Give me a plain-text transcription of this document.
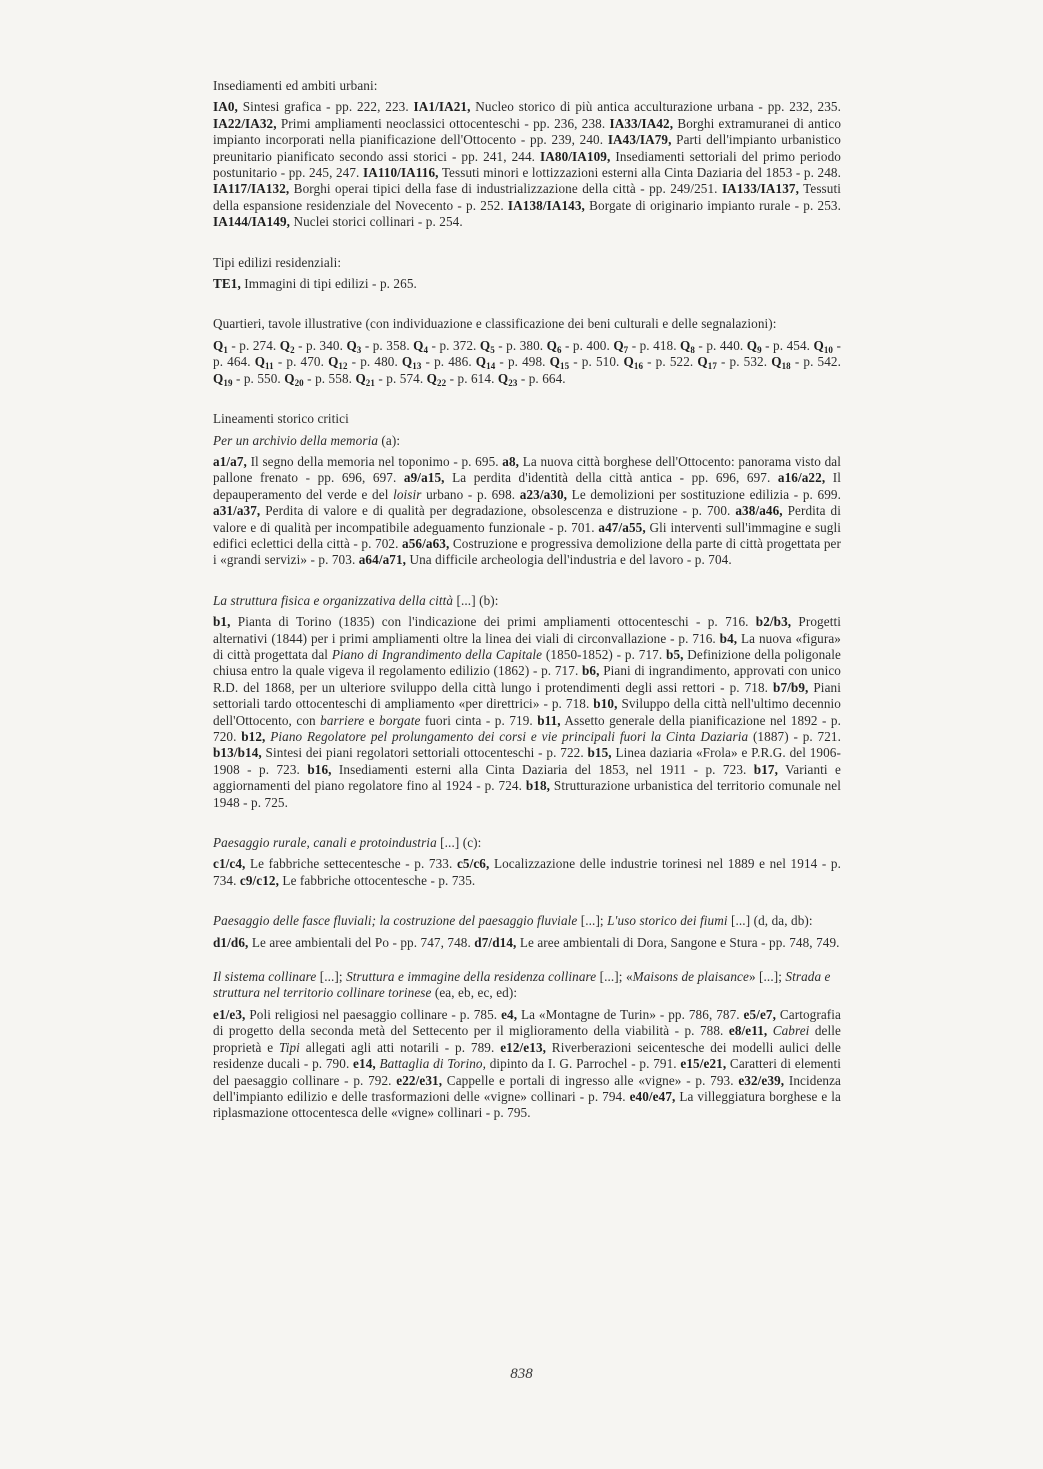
Insediamenti ed ambiti urbani:

IA0, Sintesi grafica - pp. 222, 223. IA1/IA21, Nucleo storico di più antica acculturazione urbana - pp. 232, 235. IA22/IA32, Primi ampliamenti neoclassici ottocenteschi - pp. 236, 238. IA33/IA42, Borghi extramuranei di antico impianto incorporati nella pianificazione dell'Ottocento - pp. 239, 240. IA43/IA79, Parti dell'impianto urbanistico preunitario pianificato secondo assi storici - pp. 241, 244. IA80/IA109, Insediamenti settoriali del primo periodo postunitario - pp. 245, 247. IA110/IA116, Tessuti minori e lottizzazioni esterni alla Cinta Daziaria del 1853 - p. 248. IA117/IA132, Borghi operai tipici della fase di industrializzazione della città - pp. 249/251. IA133/IA137, Tessuti della espansione residenziale del Novecento - p. 252. IA138/IA143, Borgate di originario impianto rurale - p. 253. IA144/IA149, Nuclei storici collinari - p. 254.

Tipi edilizi residenziali:

TE1, Immagini di tipi edilizi - p. 265.

Quartieri, tavole illustrative (con individuazione e classificazione dei beni culturali e delle segnalazioni):

$Q_1$ - p. 274. $Q_2$ - p. 340. $Q_3$ - p. 358. $Q_4$ - p. 372. $Q_5$ - p. 380. $Q_6$ - p. 400. $Q_7$ - p. 418. $Q_8$ - p. 440. $Q_9$ - p. 454. $Q_{10}$ - p. 464. $Q_{11}$ - p. 470. $Q_{12}$ - p. 480. $Q_{13}$ - p. 486. $Q_{14}$ - p. 498. $Q_{15}$ - p. 510. $Q_{16}$ - p. 522. $Q_{17}$ - p. 532. $Q_{18}$ - p. 542. $Q_{19}$ - p. 550. $Q_{20}$ - p. 558. $Q_{21}$ - p. 574. $Q_{22}$ - p. 614. $Q_{23}$ - p. 664.

Lineamenti storico critici

Per un archivio della memoria (a):

a1/a7, Il segno della memoria nel toponimo - p. 695. a8, La nuova città borghese dell'Ottocento: panorama visto dal pallone frenato - pp. 696, 697. a9/a15, La perdita d'identità della città antica - pp. 696, 697. a16/a22, Il depauperamento del verde e del loisir urbano - p. 698. a23/a30, Le demolizioni per sostituzione edilizia - p. 699. a31/a37, Perdita di valore e di qualità per degradazione, obsolescenza e distruzione - p. 700. a38/a46, Perdita di valore e di qualità per incompatibile adeguamento funzionale - p. 701. a47/a55, Gli interventi sull'immagine e sugli edifici eclettici della città - p. 702. a56/a63, Costruzione e progressiva demolizione della parte di città progettata per i «grandi servizi» - p. 703. a64/a71, Una difficile archeologia dell'industria e del lavoro - p. 704.

La struttura fisica e organizzativa della città [...] (b):

b1, Pianta di Torino (1835) con l'indicazione dei primi ampliamenti ottocenteschi - p. 716. b2/b3, Progetti alternativi (1844) per i primi ampliamenti oltre la linea dei viali di circonvallazione - p. 716. b4, La nuova «figura» di città progettata dal Piano di Ingrandimento della Capitale (1850-1852) - p. 717. b5, Definizione della poligonale chiusa entro la quale vigeva il regolamento edilizio (1862) - p. 717. b6, Piani di ingrandimento, approvati con unico R.D. del 1868, per un ulteriore sviluppo della città lungo i protendimenti degli assi rettori - p. 718. b7/b9, Piani settoriali tardo ottocenteschi di ampliamento «per direttrici» - p. 718. b10, Sviluppo della città nell'ultimo decennio dell'Ottocento, con barriere e borgate fuori cinta - p. 719. b11, Assetto generale della pianificazione nel 1892 - p. 720. b12, Piano Regolatore pel prolungamento dei corsi e vie principali fuori la Cinta Daziaria (1887) - p. 721. b13/b14, Sintesi dei piani regolatori settoriali ottocenteschi - p. 722. b15, Linea daziaria «Frola» e P.R.G. del 1906-1908 - p. 723. b16, Insediamenti esterni alla Cinta Daziaria del 1853, nel 1911 - p. 723. b17, Varianti e aggiornamenti del piano regolatore fino al 1924 - p. 724. b18, Strutturazione urbanistica del territorio comunale nel 1948 - p. 725.

Paesaggio rurale, canali e protoindustria [...] (c):

c1/c4, Le fabbriche settecentesche - p. 733. c5/c6, Localizzazione delle industrie torinesi nel 1889 e nel 1914 - p. 734. c9/c12, Le fabbriche ottocentesche - p. 735.

Paesaggio delle fasce fluviali; la costruzione del paesaggio fluviale [...]; L'uso storico dei fiumi [...] (d, da, db):

d1/d6, Le aree ambientali del Po - pp. 747, 748. d7/d14, Le aree ambientali di Dora, Sangone e Stura - pp. 748, 749.

Il sistema collinare [...]; Struttura e immagine della residenza collinare [...]; «Maisons de plaisance» [...]; Strada e struttura nel territorio collinare torinese (ea, eb, ec, ed):

e1/e3, Poli religiosi nel paesaggio collinare - p. 785. e4, La «Montagne de Turin» - pp. 786, 787. e5/e7, Cartografia di progetto della seconda metà del Settecento per il miglioramento della viabilità - p. 788. e8/e11, Cabrei delle proprietà e Tipi allegati agli atti notarili - p. 789. e12/e13, Riverberazioni seicentesche dei modelli aulici delle residenze ducali - p. 790. e14, Battaglia di Torino, dipinto da I. G. Parrochel - p. 791. e15/e21, Caratteri di elementi del paesaggio collinare - p. 792. e22/e31, Cappelle e portali di ingresso alle «vigne» - p. 793. e32/e39, Incidenza dell'impianto edilizio e delle trasformazioni delle «vigne» collinari - p. 794. e40/e47, La villeggiatura borghese e la riplasmazione ottocentesca delle «vigne» collinari - p. 795.

838
